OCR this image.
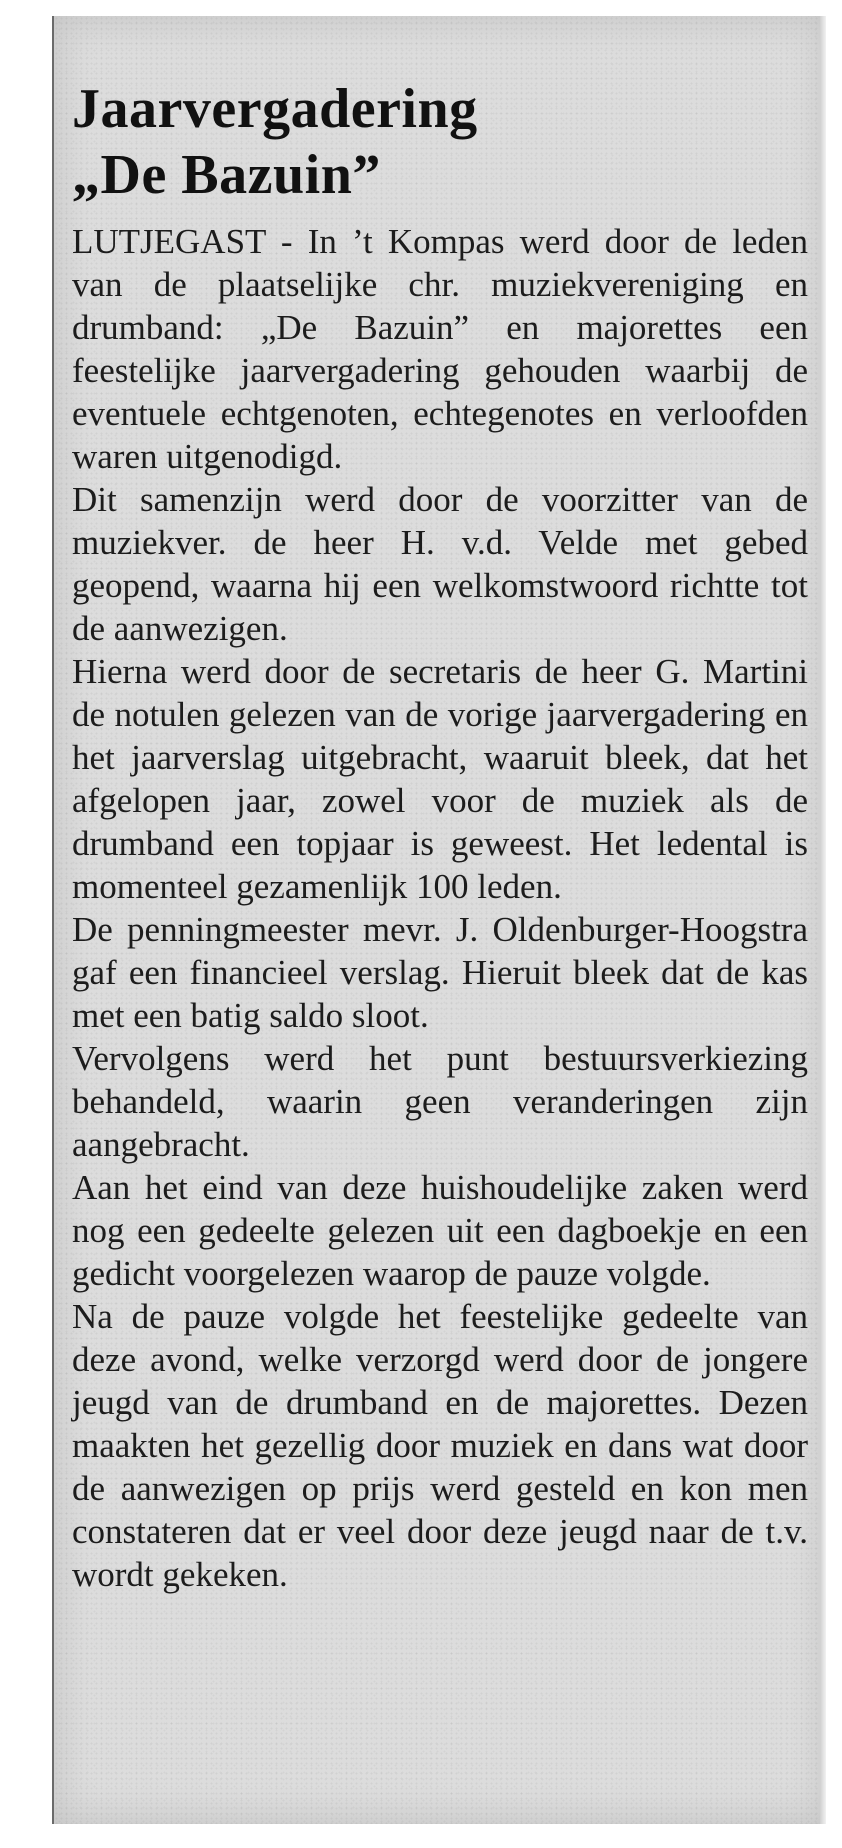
Jaarvergadering
„De Bazuin”

LUTJEGAST - In ’t Kompas werd door de leden van de plaatselijke chr. muziekvereniging en drumband: „De Bazuin” en majorettes een feestelijke jaarvergadering gehouden waarbij de eventuele echtgenoten, echtegenotes en verloofden waren uitgenodigd.

Dit samenzijn werd door de voorzitter van de muziekver. de heer H. v.d. Velde met gebed geopend, waarna hij een welkomstwoord richtte tot de aanwezigen.

Hierna werd door de secretaris de heer G. Martini de notulen gelezen van de vorige jaarvergadering en het jaarverslag uitgebracht, waaruit bleek, dat het afgelopen jaar, zowel voor de muziek als de drumband een topjaar is geweest. Het ledental is momenteel gezamenlijk 100 leden.

De penningmeester mevr. J. Oldenburger-Hoogstra gaf een financieel verslag. Hieruit bleek dat de kas met een batig saldo sloot.

Vervolgens werd het punt bestuursverkiezing behandeld, waarin geen veranderingen zijn aangebracht.

Aan het eind van deze huishoudelijke zaken werd nog een gedeelte gelezen uit een dagboekje en een gedicht voorgelezen waarop de pauze volgde.

Na de pauze volgde het feestelijke gedeelte van deze avond, welke verzorgd werd door de jongere jeugd van de drumband en de majorettes. Dezen maakten het gezellig door muziek en dans wat door de aanwezigen op prijs werd gesteld en kon men constateren dat er veel door deze jeugd naar de t.v. wordt gekeken.
